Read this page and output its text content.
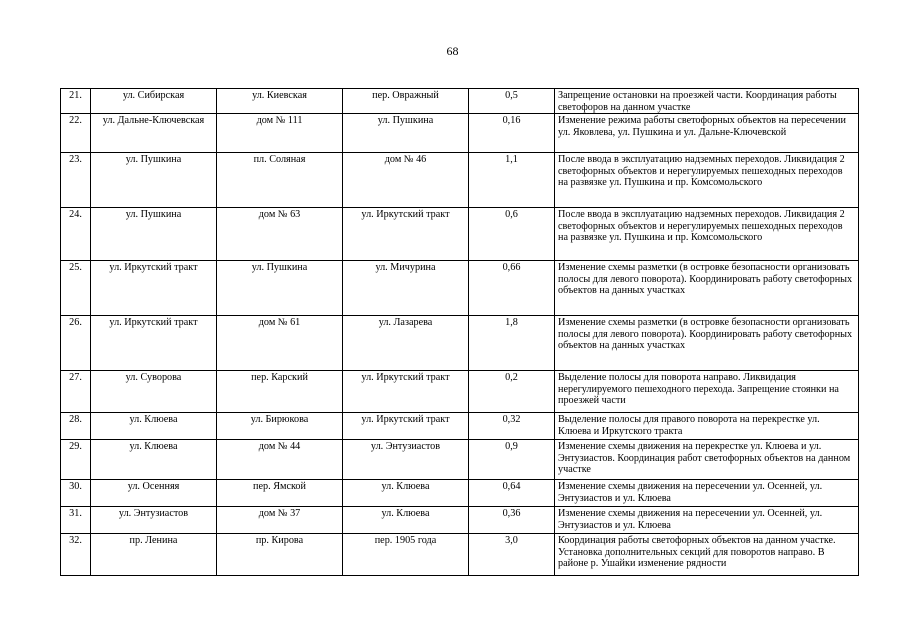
68
21.	ул. Сибирская	ул. Киевская	пер. Овражный	0,5	Запрещение остановки на проезжей части. Координация работы светофоров на данном участке
22.	ул. Дальне-Ключевская	дом № 111	ул. Пушкина	0,16	Изменение режима работы светофорных объектов на пересечении ул. Яковлева, ул. Пушкина и ул. Дальне-Ключевской
23.	ул. Пушкина	пл. Соляная	дом № 46	1,1	После ввода в эксплуатацию надземных переходов. Ликвидация 2 светофорных объектов и нерегулируемых пешеходных переходов на развязке ул. Пушкина и пр. Комсомольского
24.	ул. Пушкина	дом № 63	ул. Иркутский тракт	0,6	После ввода в эксплуатацию надземных переходов. Ликвидация 2 светофорных объектов и нерегулируемых пешеходных переходов на развязке ул. Пушкина и пр. Комсомольского
25.	ул. Иркутский тракт	ул. Пушкина	ул. Мичурина	0,66	Изменение схемы разметки (в островке безопасности организовать полосы для левого поворота). Координировать работу светофорных объектов на данных участках
26.	ул. Иркутский тракт	дом № 61	ул. Лазарева	1,8	Изменение схемы разметки (в островке безопасности организовать полосы для левого поворота). Координировать работу светофорных объектов на данных участках
27.	ул. Суворова	пер. Карский	ул. Иркутский тракт	0,2	Выделение полосы для поворота направо. Ликвидация нерегулируемого пешеходного перехода. Запрещение стоянки на проезжей части
28.	ул. Клюева	ул. Бирюкова	ул. Иркутский тракт	0,32	Выделение полосы для правого поворота на перекрестке ул. Клюева и Иркутского тракта
29.	ул. Клюева	дом № 44	ул. Энтузиастов	0,9	Изменение схемы движения на перекрестке ул. Клюева и ул. Энтузиастов. Координация работ светофорных объектов на данном участке
30.	ул. Осенняя	пер. Ямской	ул. Клюева	0,64	Изменение схемы движения на пересечении ул. Осенней, ул. Энтузиастов и ул. Клюева
31.	ул. Энтузиастов	дом № 37	ул. Клюева	0,36	Изменение схемы движения на пересечении ул. Осенней, ул. Энтузиастов и ул. Клюева
32.	пр. Ленина	пр. Кирова	пер. 1905 года	3,0	Координация работы светофорных объектов на данном участке. Установка дополнительных секций для поворотов направо. В районе р. Ушайки изменение рядности
